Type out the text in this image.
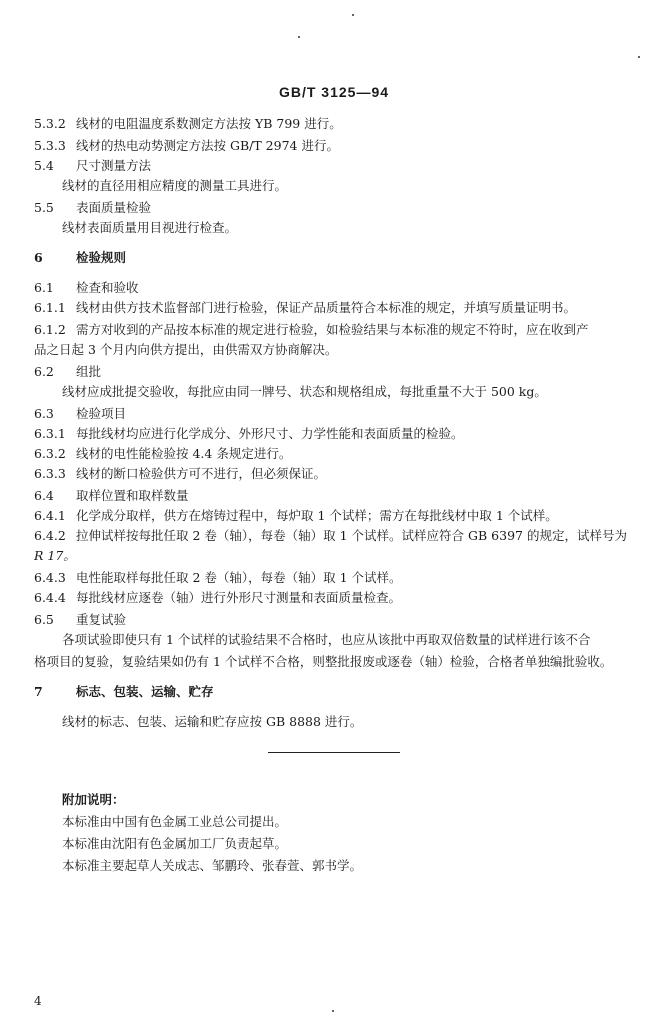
GB/T 3125—94
5.3.2 线材的电阻温度系数测定方法按 YB 799 进行。
5.3.3 线材的热电动势测定方法按 GB/T 2974 进行。
5.4 尺寸测量方法
线材的直径用相应精度的测量工具进行。
5.5 表面质量检验
线材表面质量用目视进行检查。
6	检验规则
6.1 检查和验收
6.1.1 线材由供方技术监督部门进行检验，保证产品质量符合本标准的规定，并填写质量证明书。
6.1.2 需方对收到的产品按本标准的规定进行检验，如检验结果与本标准的规定不符时，应在收到产
品之日起 3 个月内向供方提出，由供需双方协商解决。
6.2 组批
线材应成批提交验收，每批应由同一牌号、状态和规格组成，每批重量不大于 500 kg。
6.3 检验项目
6.3.1 每批线材均应进行化学成分、外形尺寸、力学性能和表面质量的检验。
6.3.2 线材的电性能检验按 4.4 条规定进行。
6.3.3 线材的断口检验供方可不进行，但必须保证。
6.4 取样位置和取样数量
6.4.1 化学成分取样，供方在熔铸过程中，每炉取 1 个试样；需方在每批线材中取 1 个试样。
6.4.2 拉伸试样按每批任取 2 卷（轴），每卷（轴）取 1 个试样。试样应符合 GB 6397 的规定，试样号为
R 17。
6.4.3 电性能取样每批任取 2 卷（轴），每卷（轴）取 1 个试样。
6.4.4 每批线材应逐卷（轴）进行外形尺寸测量和表面质量检查。
6.5 重复试验
各项试验即使只有 1 个试样的试验结果不合格时，也应从该批中再取双倍数量的试样进行该不合
格项目的复验，复验结果如仍有 1 个试样不合格，则整批报废或逐卷（轴）检验，合格者单独编批验收。
7	标志、包装、运输、贮存
线材的标志、包装、运输和贮存应按 GB 8888 进行。
附加说明：
本标准由中国有色金属工业总公司提出。
本标准由沈阳有色金属加工厂负责起草。
本标准主要起草人关成志、邹鹏玲、张春萱、郭书学。
4
